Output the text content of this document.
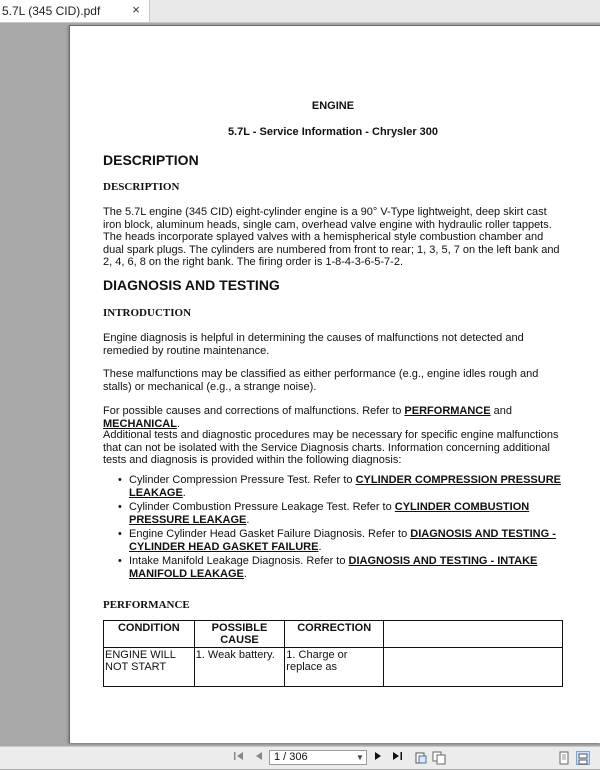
5.7L (345 CID).pdf ×
ENGINE
5.7L - Service Information - Chrysler 300
DESCRIPTION
DESCRIPTION
The 5.7L engine (345 CID) eight-cylinder engine is a 90° V-Type lightweight, deep skirt cast iron block, aluminum heads, single cam, overhead valve engine with hydraulic roller tappets. The heads incorporate splayed valves with a hemispherical style combustion chamber and dual spark plugs. The cylinders are numbered from front to rear; 1, 3, 5, 7 on the left bank and 2, 4, 6, 8 on the right bank. The firing order is 1-8-4-3-6-5-7-2.
DIAGNOSIS AND TESTING
INTRODUCTION
Engine diagnosis is helpful in determining the causes of malfunctions not detected and remedied by routine maintenance.
These malfunctions may be classified as either performance (e.g., engine idles rough and stalls) or mechanical (e.g., a strange noise).
For possible causes and corrections of malfunctions. Refer to PERFORMANCE and MECHANICAL.
Additional tests and diagnostic procedures may be necessary for specific engine malfunctions that can not be isolated with the Service Diagnosis charts. Information concerning additional tests and diagnosis is provided within the following diagnosis:
• Cylinder Compression Pressure Test. Refer to CYLINDER COMPRESSION PRESSURE LEAKAGE.
• Cylinder Combustion Pressure Leakage Test. Refer to CYLINDER COMBUSTION PRESSURE LEAKAGE.
• Engine Cylinder Head Gasket Failure Diagnosis. Refer to DIAGNOSIS AND TESTING - CYLINDER HEAD GASKET FAILURE.
• Intake Manifold Leakage Diagnosis. Refer to DIAGNOSIS AND TESTING - INTAKE MANIFOLD LEAKAGE.
PERFORMANCE
CONDITION	POSSIBLE CAUSE	CORRECTION	
ENGINE WILL NOT START	1. Weak battery.	1. Charge or replace as	
1 / 306	▼
